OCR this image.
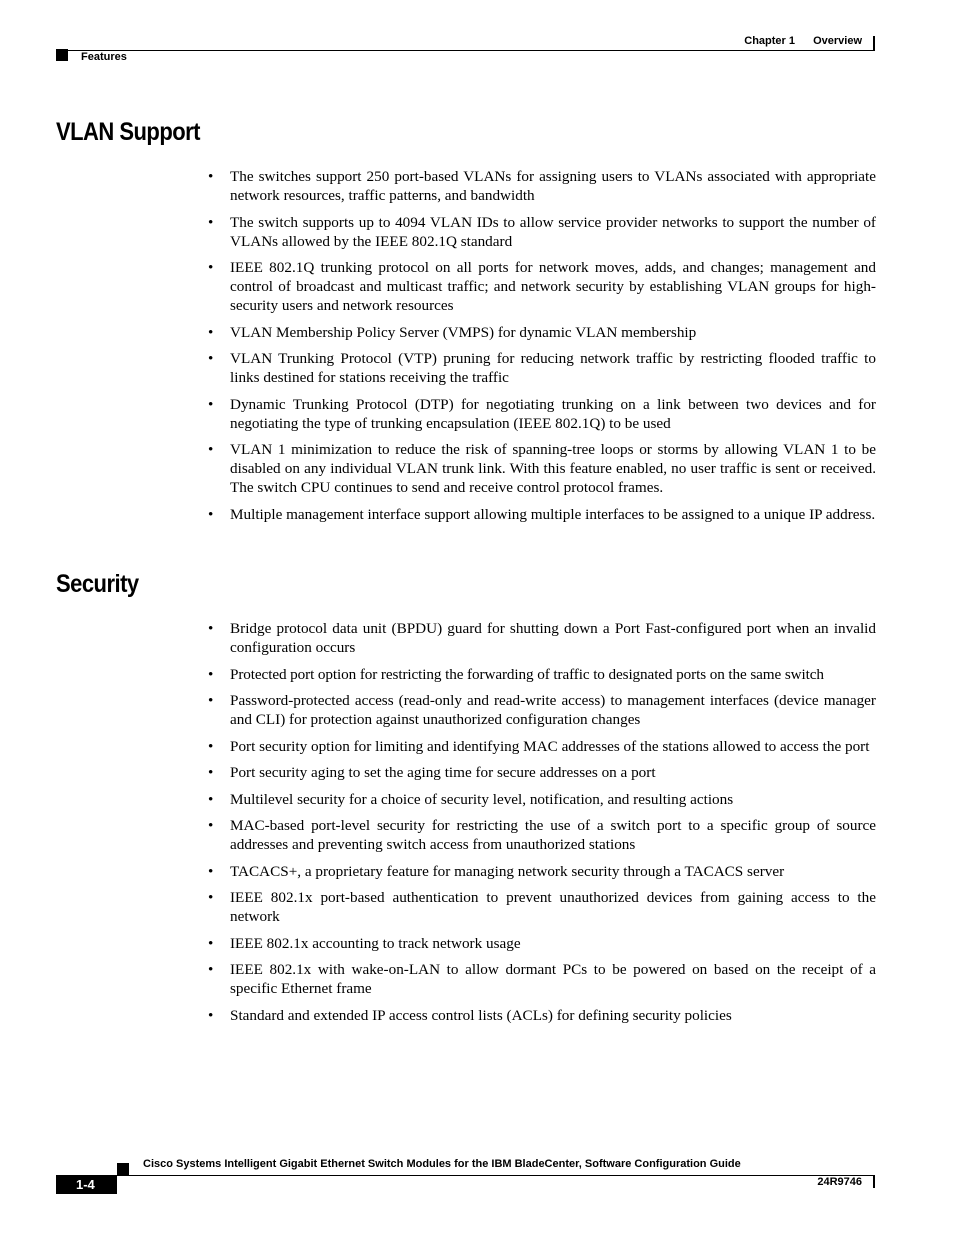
Chapter 1 Overview
Features
VLAN Support
• The switches support 250 port-based VLANs for assigning users to VLANs associated with appropriate network resources, traffic patterns, and bandwidth
• The switch supports up to 4094 VLAN IDs to allow service provider networks to support the number of VLANs allowed by the IEEE 802.1Q standard
• IEEE 802.1Q trunking protocol on all ports for network moves, adds, and changes; management and control of broadcast and multicast traffic; and network security by establishing VLAN groups for high-security users and network resources
• VLAN Membership Policy Server (VMPS) for dynamic VLAN membership
• VLAN Trunking Protocol (VTP) pruning for reducing network traffic by restricting flooded traffic to links destined for stations receiving the traffic
• Dynamic Trunking Protocol (DTP) for negotiating trunking on a link between two devices and for negotiating the type of trunking encapsulation (IEEE 802.1Q) to be used
• VLAN 1 minimization to reduce the risk of spanning-tree loops or storms by allowing VLAN 1 to be disabled on any individual VLAN trunk link. With this feature enabled, no user traffic is sent or received. The switch CPU continues to send and receive control protocol frames.
• Multiple management interface support allowing multiple interfaces to be assigned to a unique IP address.
Security
• Bridge protocol data unit (BPDU) guard for shutting down a Port Fast-configured port when an invalid configuration occurs
• Protected port option for restricting the forwarding of traffic to designated ports on the same switch
• Password-protected access (read-only and read-write access) to management interfaces (device manager and CLI) for protection against unauthorized configuration changes
• Port security option for limiting and identifying MAC addresses of the stations allowed to access the port
• Port security aging to set the aging time for secure addresses on a port
• Multilevel security for a choice of security level, notification, and resulting actions
• MAC-based port-level security for restricting the use of a switch port to a specific group of source addresses and preventing switch access from unauthorized stations
• TACACS+, a proprietary feature for managing network security through a TACACS server
• IEEE 802.1x port-based authentication to prevent unauthorized devices from gaining access to the network
• IEEE 802.1x accounting to track network usage
• IEEE 802.1x with wake-on-LAN to allow dormant PCs to be powered on based on the receipt of a specific Ethernet frame
• Standard and extended IP access control lists (ACLs) for defining security policies
Cisco Systems Intelligent Gigabit Ethernet Switch Modules for the IBM BladeCenter, Software Configuration Guide
1-4	24R9746
